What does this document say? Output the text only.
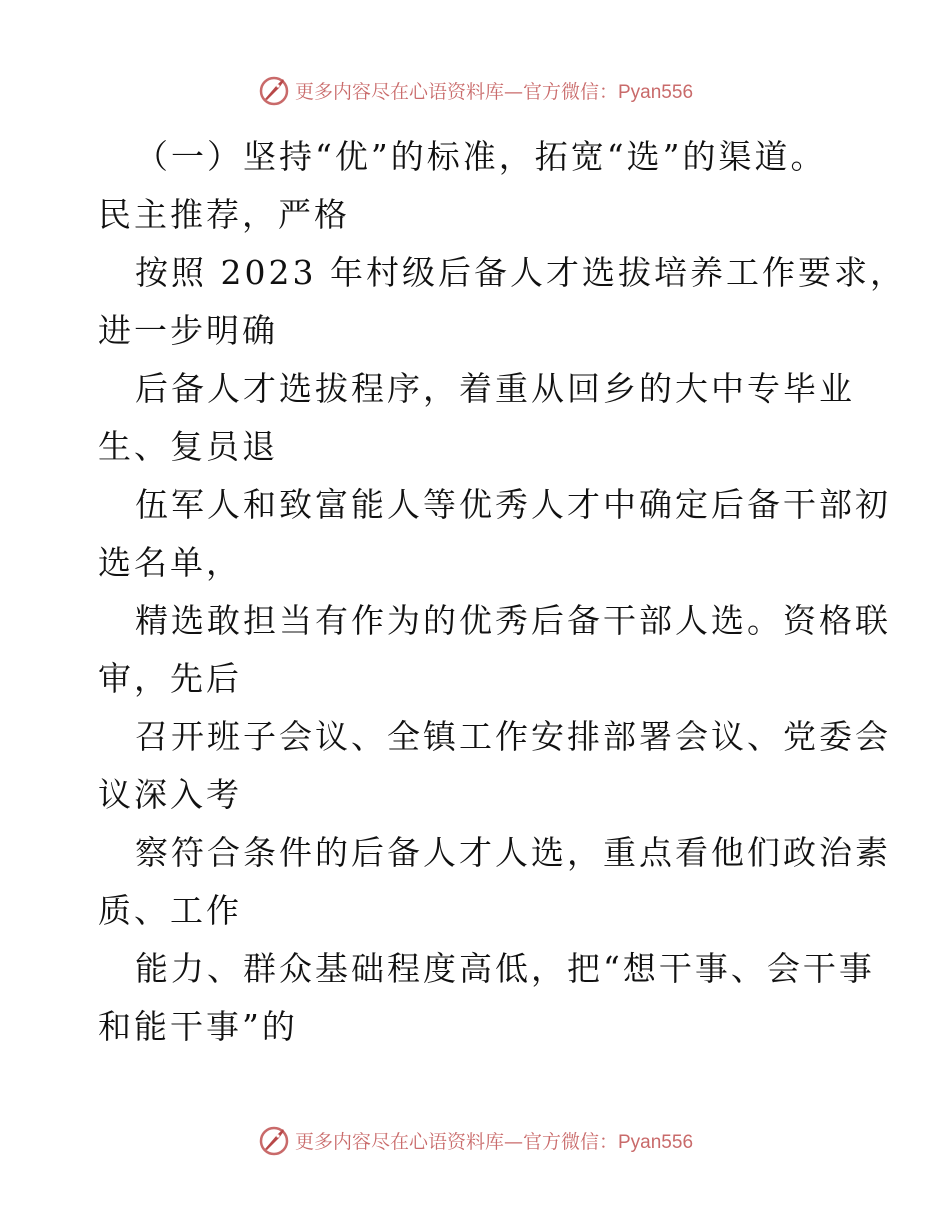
更多内容尽在心语资料库—官方微信：Pyan556
（一）坚持“优”的标准，拓宽“选”的渠道。
民主推荐，严格
按照 2023 年村级后备人才选拔培养工作要求，
进一步明确
后备人才选拔程序，着重从回乡的大中专毕业
生、复员退
伍军人和致富能人等优秀人才中确定后备干部初
选名单，
精选敢担当有作为的优秀后备干部人选。资格联
审，先后
召开班子会议、全镇工作安排部署会议、党委会
议深入考
察符合条件的后备人才人选，重点看他们政治素
质、工作
能力、群众基础程度高低，把“想干事、会干事
和能干事”的
更多内容尽在心语资料库—官方微信：Pyan556
